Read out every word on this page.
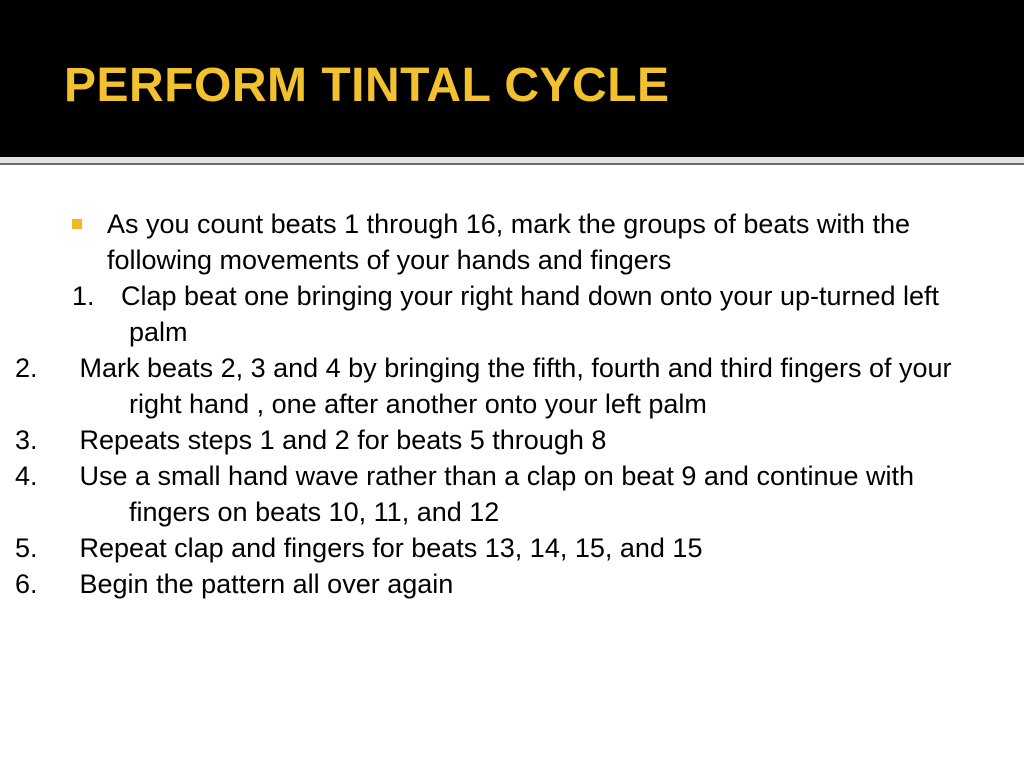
PERFORM TINTAL CYCLE
As you count beats 1 through 16, mark the groups of beats with the following movements of your hands and fingers
1. Clap beat one bringing your right hand down onto your up-turned left palm
2. Mark beats 2, 3 and 4 by bringing the fifth, fourth and third fingers of your right hand , one after another onto your left palm
3. Repeats steps 1 and 2 for beats 5 through 8
4. Use a small hand wave rather than a clap on beat 9 and continue with fingers on beats 10, 11, and 12
5. Repeat clap and fingers for beats 13, 14, 15, and 15
6. Begin the pattern all over again
